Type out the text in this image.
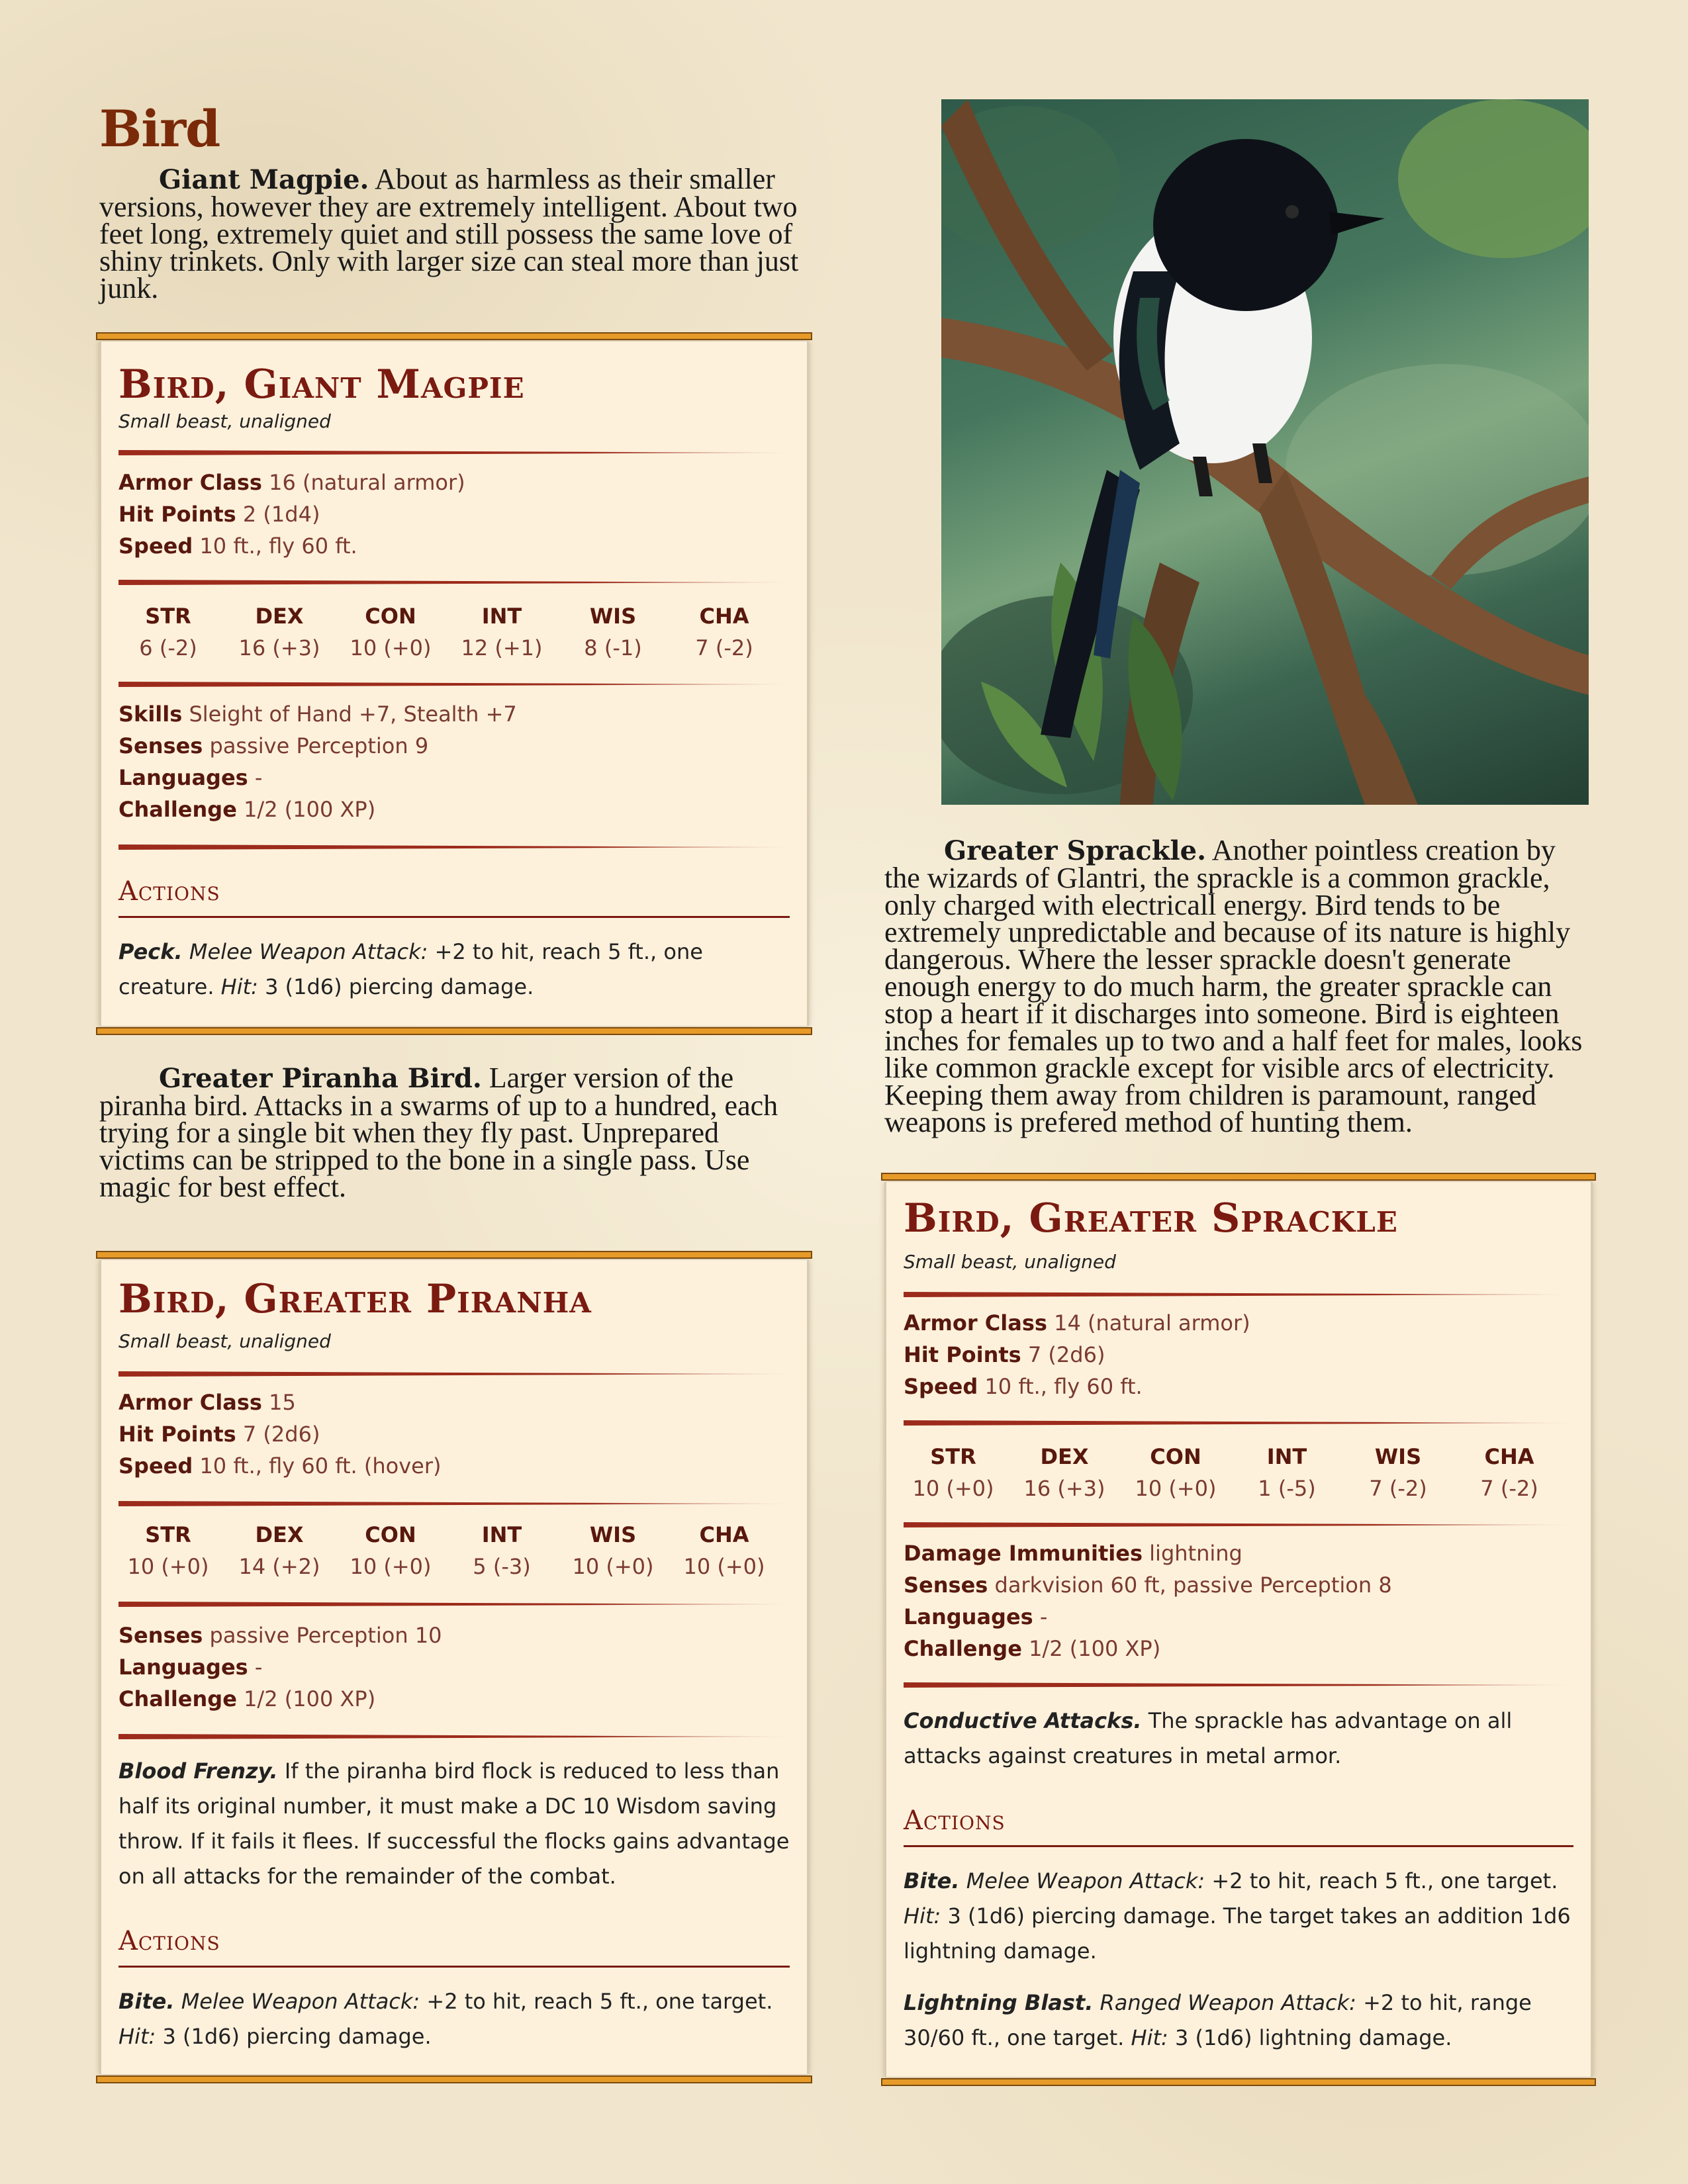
Bird

Giant Magpie. About as harmless as their smaller versions, however they are extremely intelligent. About two feet long, extremely quiet and still possess the same love of shiny trinkets. Only with larger size can steal more than just junk.

Bird, Giant Magpie
Small beast, unaligned
Armor Class 16 (natural armor)
Hit Points 2 (1d4)
Speed 10 ft., fly 60 ft.
STR
6 (-2)
DEX
16 (+3)
CON
10 (+0)
INT
12 (+1)
WIS
8 (-1)
CHA
7 (-2)
Skills Sleight of Hand +7, Stealth +7
Senses passive Perception 9
Languages -
Challenge 1/2 (100 XP)
Actions
Peck. Melee Weapon Attack: +2 to hit, reach 5 ft., one creature. Hit: 3 (1d6) piercing damage.

Greater Piranha Bird. Larger version of the piranha bird. Attacks in a swarms of up to a hundred, each trying for a single bit when they fly past. Unprepared victims can be stripped to the bone in a single pass. Use magic for best effect.

Bird, Greater Piranha
Small beast, unaligned
Armor Class 15
Hit Points 7 (2d6)
Speed 10 ft., fly 60 ft. (hover)
STR
10 (+0)
DEX
14 (+2)
CON
10 (+0)
INT
5 (-3)
WIS
10 (+0)
CHA
10 (+0)
Senses passive Perception 10
Languages -
Challenge 1/2 (100 XP)
Blood Frenzy. If the piranha bird flock is reduced to less than half its original number, it must make a DC 10 Wisdom saving throw. If it fails it flees. If successful the flocks gains advantage on all attacks for the remainder of the combat.
Actions
Bite. Melee Weapon Attack: +2 to hit, reach 5 ft., one target. Hit: 3 (1d6) piercing damage.

Greater Sprackle. Another pointless creation by the wizards of Glantri, the sprackle is a common grackle, only charged with electricall energy. Bird tends to be extremely unpredictable and because of its nature is highly dangerous. Where the lesser sprackle doesn't generate enough energy to do much harm, the greater sprackle can stop a heart if it discharges into someone. Bird is eighteen inches for females up to two and a half feet for males, looks like common grackle except for visible arcs of electricity. Keeping them away from children is paramount, ranged weapons is prefered method of hunting them.

Bird, Greater Sprackle
Small beast, unaligned
Armor Class 14 (natural armor)
Hit Points 7 (2d6)
Speed 10 ft., fly 60 ft.
STR
10 (+0)
DEX
16 (+3)
CON
10 (+0)
INT
1 (-5)
WIS
7 (-2)
CHA
7 (-2)
Damage Immunities lightning
Senses darkvision 60 ft, passive Perception 8
Languages -
Challenge 1/2 (100 XP)
Conductive Attacks. The sprackle has advantage on all attacks against creatures in metal armor.
Actions
Bite. Melee Weapon Attack: +2 to hit, reach 5 ft., one target. Hit: 3 (1d6) piercing damage. The target takes an addition 1d6 lightning damage.
Lightning Blast. Ranged Weapon Attack: +2 to hit, range 30/60 ft., one target. Hit: 3 (1d6) lightning damage.
